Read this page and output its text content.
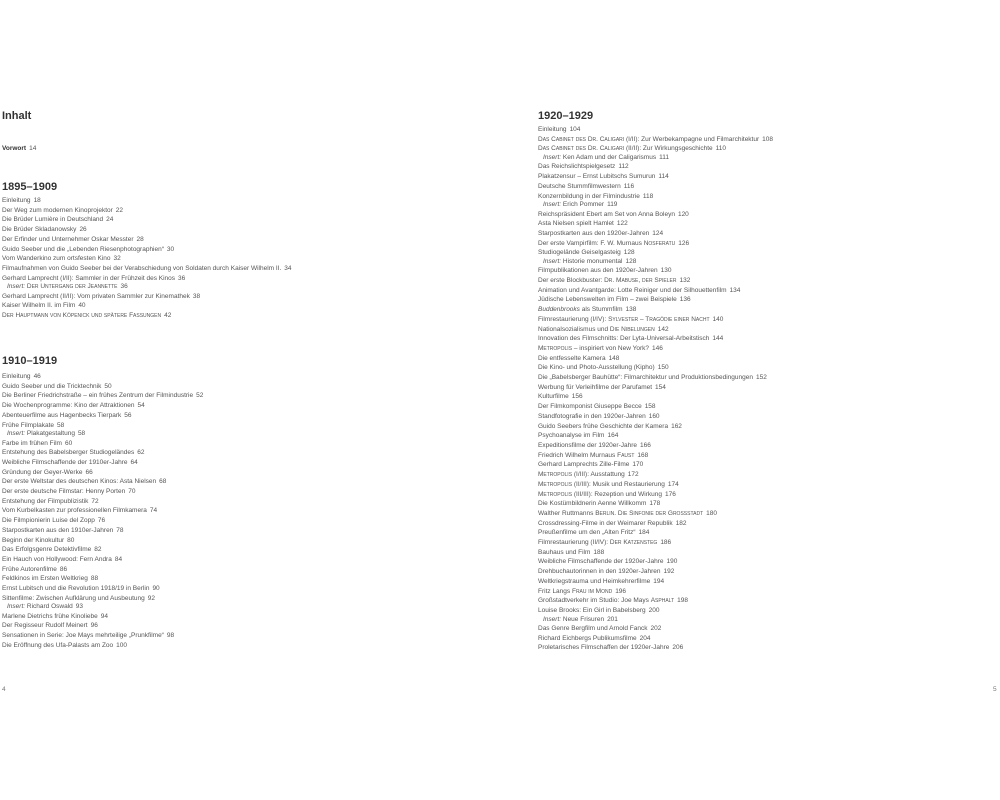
Inhalt
Vorwort 14
1895–1909
Einleitung 18
Der Weg zum modernen Kinoprojektor 22
Die Brüder Lumière in Deutschland 24
Die Brüder Skladanowsky 26
Der Erfinder und Unternehmer Oskar Messter 28
Guido Seeber und die „Lebenden Riesenphotographien“ 30
Vom Wanderkino zum ortsfesten Kino 32
Filmaufnahmen von Guido Seeber bei der Verabschiedung von Soldaten durch Kaiser Wilhelm II. 34
Gerhard Lamprecht (I/II): Sammler in der Frühzeit des Kinos 36
Insert: Der Untergang der Jeannette 36
Gerhard Lamprecht (II/II): Vom privaten Sammler zur Kinemathek 38
Kaiser Wilhelm II. im Film 40
Der Hauptmann von Köpenick und spätere Fassungen 42
1910–1919
Einleitung 46
Guido Seeber und die Tricktechnik 50
Die Berliner Friedrichstraße – ein frühes Zentrum der Filmindustrie 52
Die Wochenprogramme: Kino der Attraktionen 54
Abenteuerfilme aus Hagenbecks Tierpark 56
Frühe Filmplakate 58
Insert: Plakatgestaltung 58
Farbe im frühen Film 60
Entstehung des Babelsberger Studiogeländes 62
Weibliche Filmschaffende der 1910er-Jahre 64
Gründung der Geyer-Werke 66
Der erste Weltstar des deutschen Kinos: Asta Nielsen 68
Der erste deutsche Filmstar: Henny Porten 70
Entstehung der Filmpublizistik 72
Vom Kurbelkasten zur professionellen Filmkamera 74
Die Filmpionierin Luise del Zopp 76
Starpostkarten aus den 1910er-Jahren 78
Beginn der Kinokultur 80
Das Erfolgsgenre Detektivfilme 82
Ein Hauch von Hollywood: Fern Andra 84
Frühe Autorenfilme 86
Feldkinos im Ersten Weltkrieg 88
Ernst Lubitsch und die Revolution 1918/19 in Berlin 90
Sittenfilme: Zwischen Aufklärung und Ausbeutung 92
Insert: Richard Oswald 93
Marlene Dietrichs frühe Kinoliebe 94
Der Regisseur Rudolf Meinert 96
Sensationen in Serie: Joe Mays mehrteilige „Prunkfilme“ 98
Die Eröffnung des Ufa-Palasts am Zoo 100
4
1920–1929
Einleitung 104
Das Cabinet des Dr. Caligari (I/II): Zur Werbekampagne und Filmarchitektur 108
Das Cabinet des Dr. Caligari (II/II): Zur Wirkungsgeschichte 110
Insert: Ken Adam und der Caligarismus 111
Das Reichslichtspielgesetz 112
Plakatzensur – Ernst Lubitschs Sumurun 114
Deutsche Stummfilmwestern 116
Konzernbildung in der Filmindustrie 118
Insert: Erich Pommer 119
Reichspräsident Ebert am Set von Anna Boleyn 120
Asta Nielsen spielt Hamlet 122
Starpostkarten aus den 1920er-Jahren 124
Der erste Vampirfilm: F. W. Murnaus Nosferatu 126
Studiogelände Geiselgasteig 128
Insert: Historie monumental 128
Filmpublikationen aus den 1920er-Jahren 130
Der erste Blockbuster: Dr. Mabuse, der Spieler 132
Animation und Avantgarde: Lotte Reiniger und der Silhouettenfilm 134
Jüdische Lebenswelten im Film – zwei Beispiele 136
Buddenbrooks als Stummfilm 138
Filmrestaurierung (I/IV): Sylvester – Tragödie einer Nacht 140
Nationalsozialismus und Die Nibelungen 142
Innovation des Filmschnitts: Der Lyta-Universal-Arbeitstisch 144
Metropolis – inspiriert von New York? 146
Die entfesselte Kamera 148
Die Kino- und Photo-Ausstellung (Kipho) 150
Die „Babelsberger Bauhütte“: Filmarchitektur und Produktionsbedingungen 152
Werbung für Verleihfilme der Parufamet 154
Kulturfilme 156
Der Filmkomponist Giuseppe Becce 158
Standfotografie in den 1920er-Jahren 160
Guido Seebers frühe Geschichte der Kamera 162
Psychoanalyse im Film 164
Expeditionsfilme der 1920er-Jahre 166
Friedrich Wilhelm Murnaus Faust 168
Gerhard Lamprechts Zille-Filme 170
Metropolis (I/III): Ausstattung 172
Metropolis (II/III): Musik und Restaurierung 174
Metropolis (III/III): Rezeption und Wirkung 176
Die Kostümbildnerin Aenne Willkomm 178
Walther Ruttmanns Berlin. Die Sinfonie der Großstadt 180
Crossdressing-Filme in der Weimarer Republik 182
Preußenfilme um den „Alten Fritz“ 184
Filmrestaurierung (II/IV): Der Katzensteg 186
Bauhaus und Film 188
Weibliche Filmschaffende der 1920er-Jahre 190
Drehbuchautorinnen in den 1920er-Jahren 192
Weltkriegstrauma und Heimkehrerfilme 194
Fritz Langs Frau im Mond 196
Großstadtverkehr im Studio: Joe Mays Asphalt 198
Louise Brooks: Ein Girl in Babelsberg 200
Insert: Neue Frisuren 201
Das Genre Bergfilm und Arnold Fanck 202
Richard Eichbergs Publikumsfilme 204
Proletarisches Filmschaffen der 1920er-Jahre 206
5
